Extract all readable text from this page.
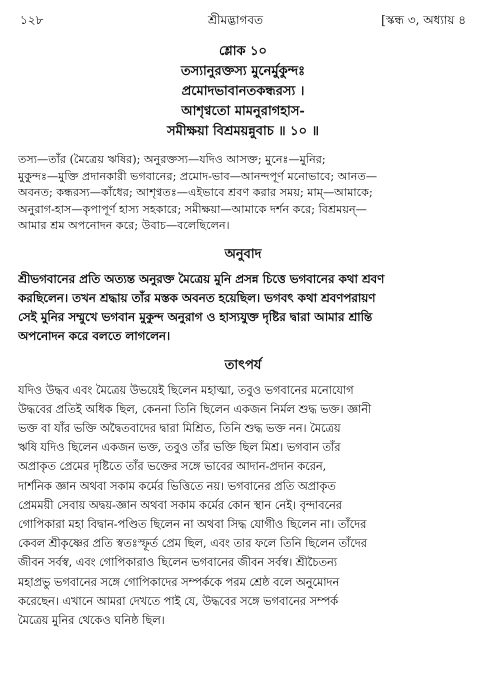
১২৮	শ্রীমদ্ভাগবত	[স্কন্ধ ৩, অধ্যায় ৪
শ্লোক ১০
তস্যানুরক্তস্য মুনের্মুকুন্দঃ
প্রমোদভাবানতকন্ধরস্য ।
আশৃণ্বতো মামনুরাগহাস-
সমীক্ষয়া বিশ্রময়ন্নুবাচ ॥ ১০ ॥
তস্য—তাঁর (মৈত্রেয় ঋষির); অনুরক্তস্য—যদিও আসক্ত; মুনেঃ—মুনির;
মুকুন্দঃ—মুক্তি প্রদানকারী ভগবানের; প্রমোদ-ভাব—আনন্দপূর্ণ মনোভাবে; আনত—
অবনত; কন্ধরস্য—কাঁধের; আশৃণ্বতঃ—এইভাবে শ্রবণ করার সময়; মাম্—আমাকে;
অনুরাগ-হাস—কৃপাপূর্ণ হাস্য সহকারে; সমীক্ষয়া—আমাকে দর্শন করে; বিশ্রময়ন্—
আমার শ্রম অপনোদন করে; উবাচ—বলেছিলেন।
অনুবাদ
শ্রীভগবানের প্রতি অত্যন্ত অনুরক্ত মৈত্রেয় মুনি প্রসন্ন চিত্তে ভগবানের কথা শ্রবণ
করছিলেন। তখন শ্রদ্ধায় তাঁর মস্তক অবনত হয়েছিল। ভগবৎ কথা শ্রবণপরায়ণ
সেই মুনির সম্মুখে ভগবান মুকুন্দ অনুরাগ ও হাস্যযুক্ত দৃষ্টির দ্বারা আমার শ্রান্তি
অপনোদন করে বলতে লাগলেন।
তাৎপর্য
যদিও উদ্ধব এবং মৈত্রেয় উভয়েই ছিলেন মহাত্মা, তবুও ভগবানের মনোযোগ
উদ্ধবের প্রতিই অধিক ছিল, কেননা তিনি ছিলেন একজন নির্মল শুদ্ধ ভক্ত। জ্ঞানী
ভক্ত বা যাঁর ভক্তি অদ্বৈতবাদের দ্বারা মিশ্রিত, তিনি শুদ্ধ ভক্ত নন। মৈত্রেয়
ঋষি যদিও ছিলেন একজন ভক্ত, তবুও তাঁর ভক্তি ছিল মিশ্র। ভগবান তাঁর
অপ্রাকৃত প্রেমের দৃষ্টিতে তাঁর ভক্তের সঙ্গে ভাবের আদান-প্রদান করেন,
দার্শনিক জ্ঞান অথবা সকাম কর্মের ভিত্তিতে নয়। ভগবানের প্রতি অপ্রাকৃত
প্রেমময়ী সেবায় অদ্বয়-জ্ঞান অথবা সকাম কর্মের কোন স্থান নেই। বৃন্দাবনের
গোপিকারা মহা বিদ্বান-পণ্ডিত ছিলেন না অথবা সিদ্ধ যোগীও ছিলেন না। তাঁদের
কেবল শ্রীকৃষ্ণের প্রতি স্বতঃস্ফূর্ত প্রেম ছিল, এবং তার ফলে তিনি ছিলেন তাঁদের
জীবন সর্বস্ব, এবং গোপিকারাও ছিলেন ভগবানের জীবন সর্বস্ব। শ্রীচৈতন্য
মহাপ্রভু ভগবানের সঙ্গে গোপিকাদের সম্পর্ককে পরম শ্রেষ্ঠ বলে অনুমোদন
করেছেন। এখানে আমরা দেখতে পাই যে, উদ্ধবের সঙ্গে ভগবানের সম্পর্ক
মৈত্রেয় মুনির থেকেও ঘনিষ্ঠ ছিল।
